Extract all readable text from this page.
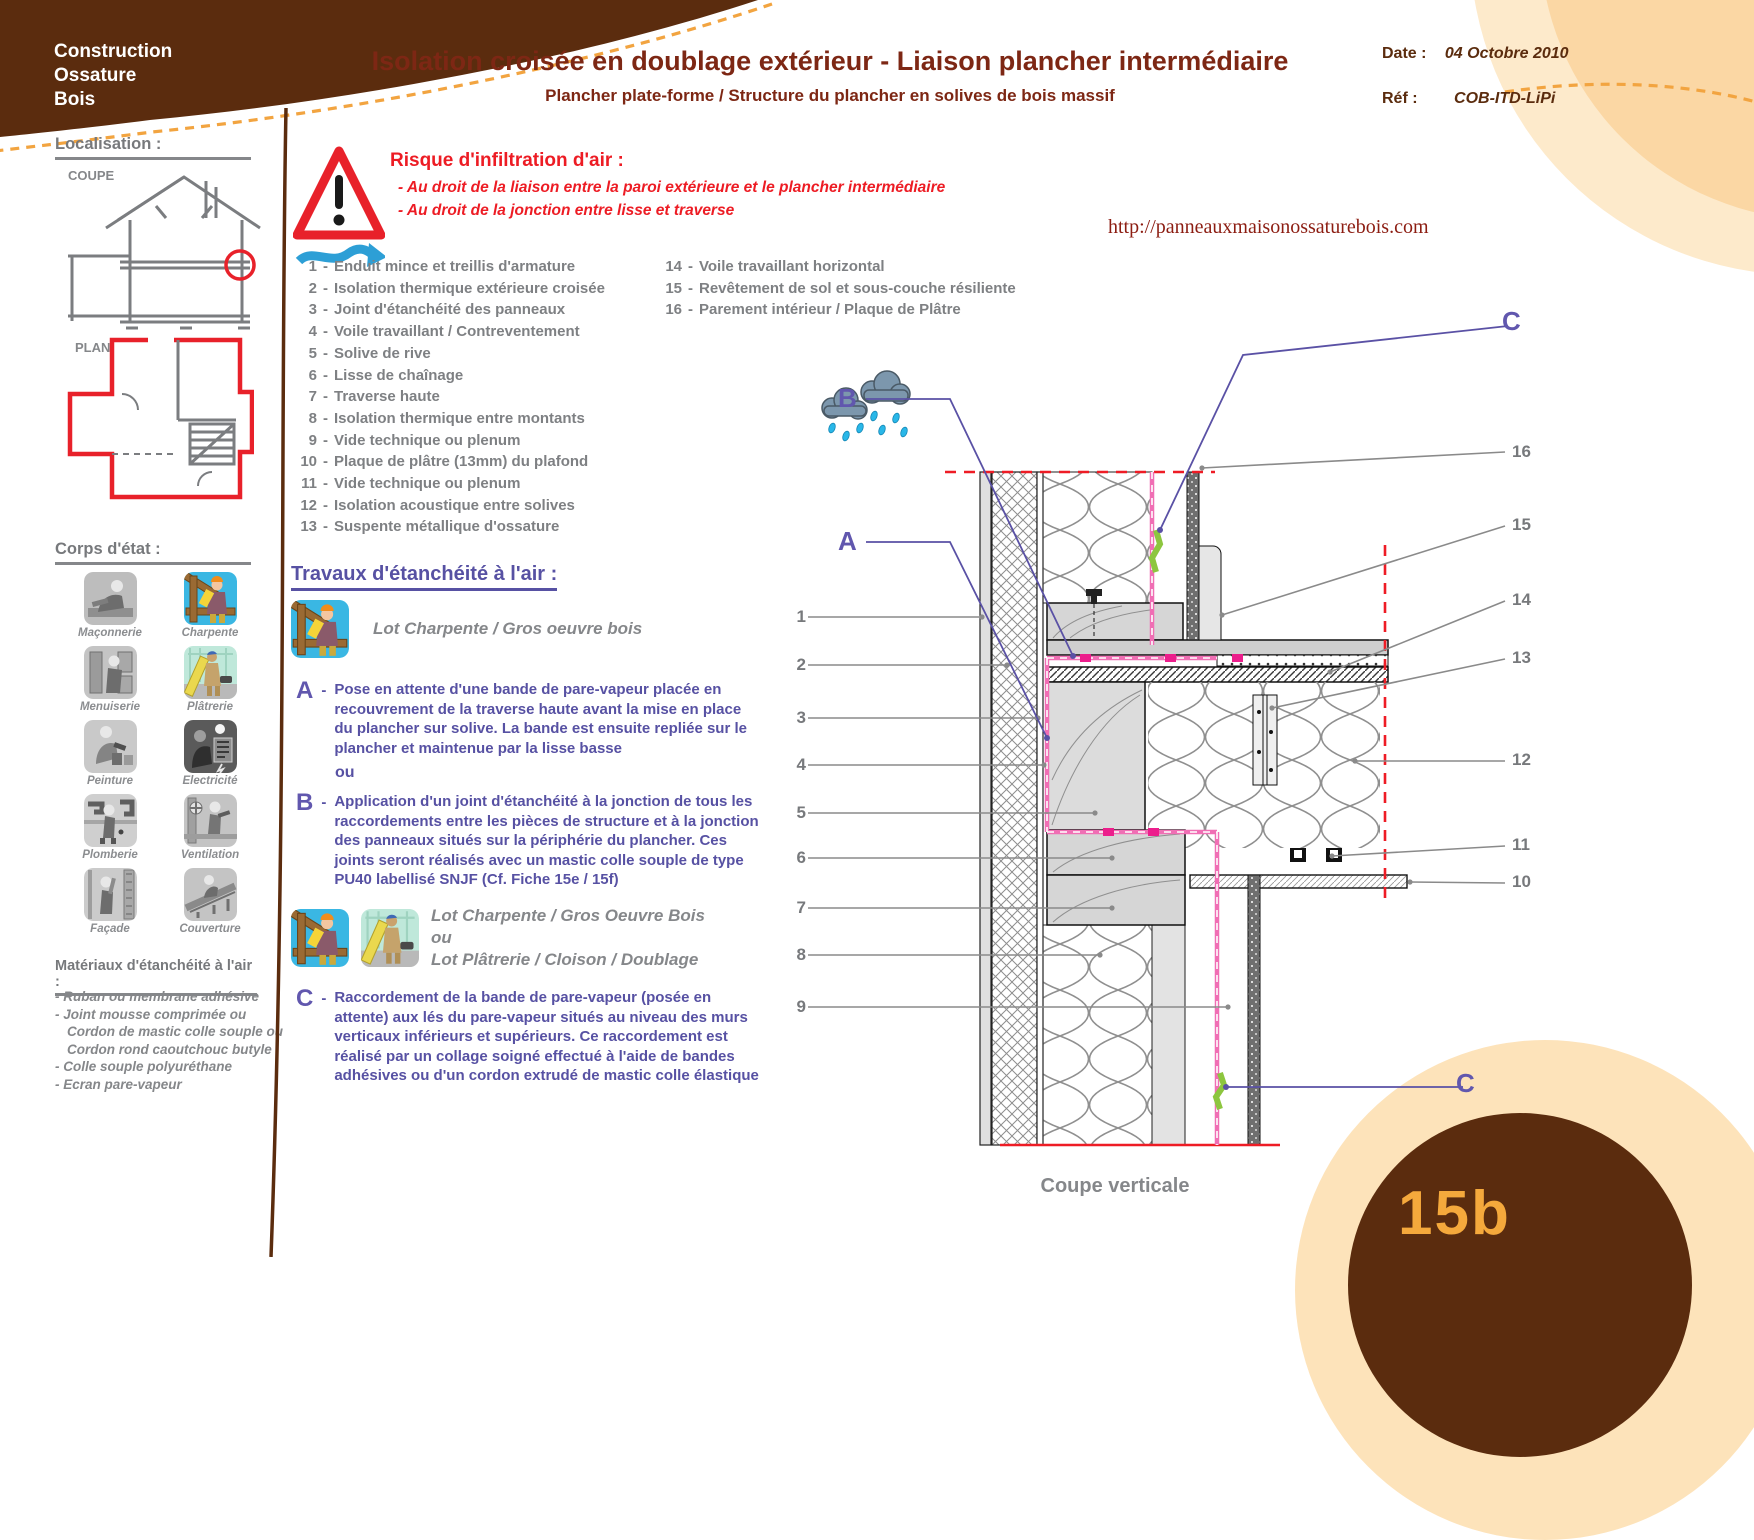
Construction
Ossature
Bois
Isolation croisée en doublage extérieur - Liaison plancher intermédiaire
Plancher plate-forme / Structure du plancher en solives de bois massif
Date : 04 Octobre 2010
Réf : COB-ITD-LiPi
http://panneauxmaisonossaturebois.com
Localisation :
COUPE
PLAN
Corps d'état :
Maçonnerie	Charpente
Menuiserie	Plâtrerie
Peinture	Electricité
Plomberie	Ventilation
Façade	Couverture
Matériaux d'étanchéité à l'air :
- Ruban ou membrane adhésive
- Joint mousse comprimée ou
Cordon de mastic colle souple ou
Cordon rond caoutchouc butyle
- Colle souple polyuréthane
- Ecran pare-vapeur
Risque d'infiltration d'air :
- Au droit de la liaison entre la paroi extérieure et le plancher intermédiaire
- Au droit de la jonction entre lisse et traverse
1 - Enduit mince et treillis d'armature
2 - Isolation thermique extérieure croisée
3 - Joint d'étanchéité des panneaux
4 - Voile travaillant / Contreventement
5 - Solive de rive
6 - Lisse de chaînage
7 - Traverse haute
8 - Isolation thermique entre montants
9 - Vide technique ou plenum
10 - Plaque de plâtre (13mm) du plafond
11 - Vide technique ou plenum
12 - Isolation acoustique entre solives
13 - Suspente métallique d'ossature
14 - Voile travaillant horizontal
15 - Revêtement de sol et sous-couche résiliente
16 - Parement intérieur / Plaque de Plâtre
Travaux d'étanchéité à l'air :
Lot Charpente / Gros oeuvre bois
A - Pose en attente d'une bande de pare-vapeur placée en recouvrement de la traverse haute avant la mise en place du plancher sur solive. La bande est ensuite repliée sur le plancher et maintenue par la lisse basse
ou
B - Application d'un joint d'étanchéité à la jonction de tous les raccordements entre les pièces de structure et à la jonction des panneaux situés sur la périphérie du plancher. Ces joints seront réalisés avec un mastic colle souple de type PU40 labellisé SNJF (Cf. Fiche 15e / 15f)
Lot Charpente / Gros Oeuvre Bois
ou
Lot Plâtrerie / Cloison / Doublage
C - Raccordement de la bande de pare-vapeur (posée en attente) aux lés du pare-vapeur situés au niveau des murs verticaux inférieurs et supérieurs. Ce raccordement est réalisé par un collage soigné effectué à l'aide de bandes adhésives ou d'un cordon extrudé de mastic colle élastique
1
2
3
4
5
6
7
8
9
16
15
14
13
12
11
10
B
A
C
C
Coupe verticale	15b
